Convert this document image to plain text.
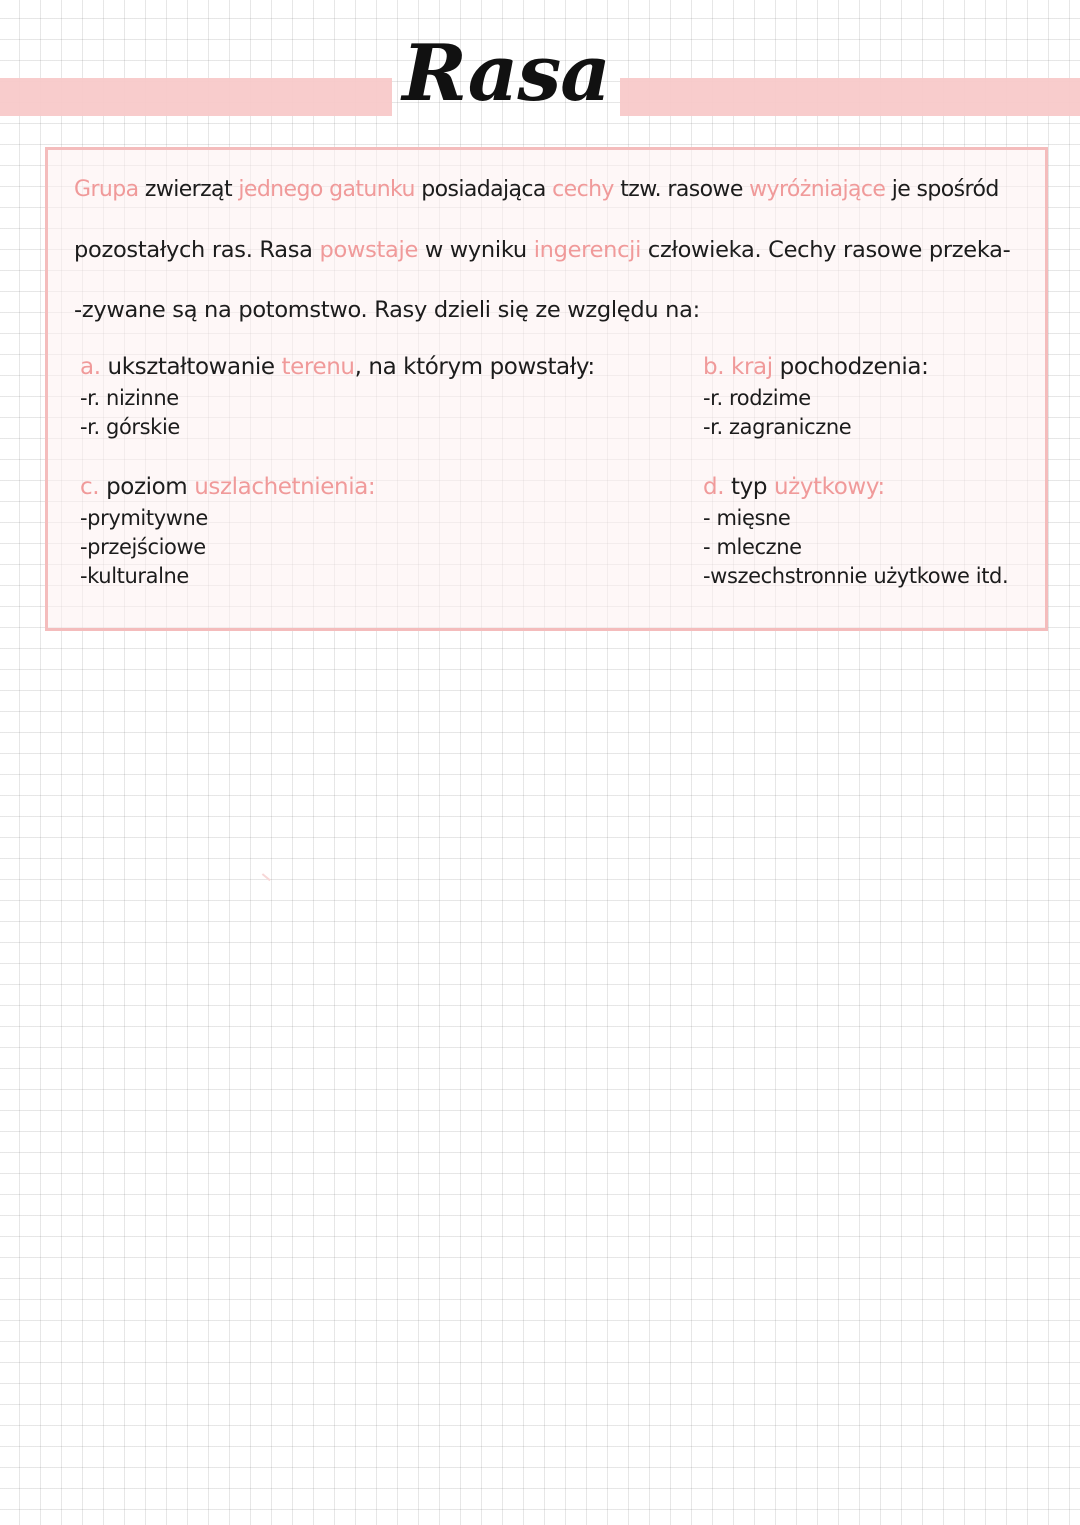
Rasa
Grupa zwierząt jednego gatunku posiadająca cechy tzw. rasowe wyróżniające je spośród
pozostałych ras. Rasa powstaje w wyniku ingerencji człowieka. Cechy rasowe przeka-
-zywane są na potomstwo. Rasy dzieli się ze względu na:
a. ukształtowanie terenu, na którym powstały:
-r. nizinne
-r. górskie
b. kraj pochodzenia:
-r. rodzime
-r. zagraniczne
c. poziom uszlachetnienia:
-prymitywne
-przejściowe
-kulturalne
d. typ użytkowy:
- mięsne
- mleczne
-wszechstronnie użytkowe itd.
